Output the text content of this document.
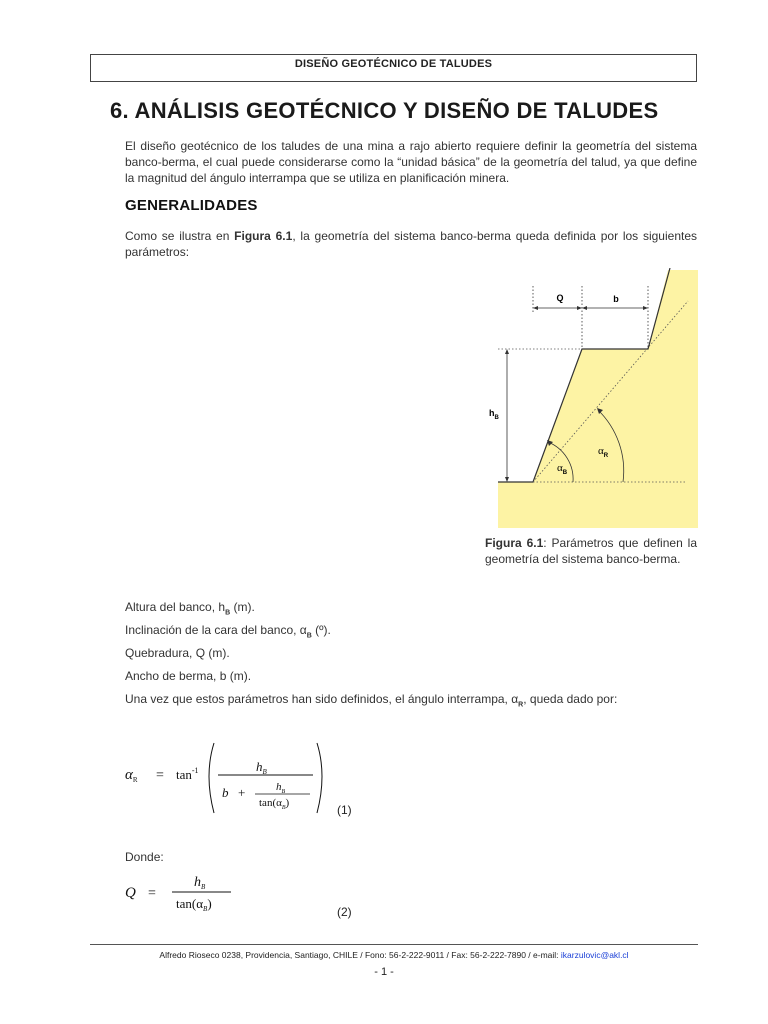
DISEÑO GEOTÉCNICO DE TALUDES
6. ANÁLISIS GEOTÉCNICO Y DISEÑO DE TALUDES
El diseño geotécnico de los taludes de una mina a rajo abierto requiere definir la geometría del sistema banco-berma, el cual puede considerarse como la “unidad básica” de la geometría del talud, ya que define la magnitud del ángulo interrampa que se utiliza en planificación minera.
GENERALIDADES
Como se ilustra en Figura 6.1, la geometría del sistema banco-berma queda definida por los siguientes parámetros:
Q	b
$h_B$
$\alpha_B$
$\alpha_R$
Figura 6.1: Parámetros que definen la geometría del sistema banco-berma.
Altura del banco, $h_B$ (m).
Inclinación de la cara del banco, $\alpha_B$ (º).
Quebradura, Q (m).
Ancho de berma, b (m).
Una vez que estos parámetros han sido definidos, el ángulo interrampa, $\alpha_R$, queda dado por:
$\alpha_R = \tan^{-1}$	$h_B$
b +	$h_B$
$\tan(\alpha_B)$	(1)
Donde:
Q =
$h_B$
$\tan(\alpha_B)$
(2)
Alfredo Rioseco 0238, Providencia, Santiago, CHILE / Fono: 56-2-222-9011 / Fax: 56-2-222-7890 / e-mail: ikarzulovic@akl.cl
- 1 -
